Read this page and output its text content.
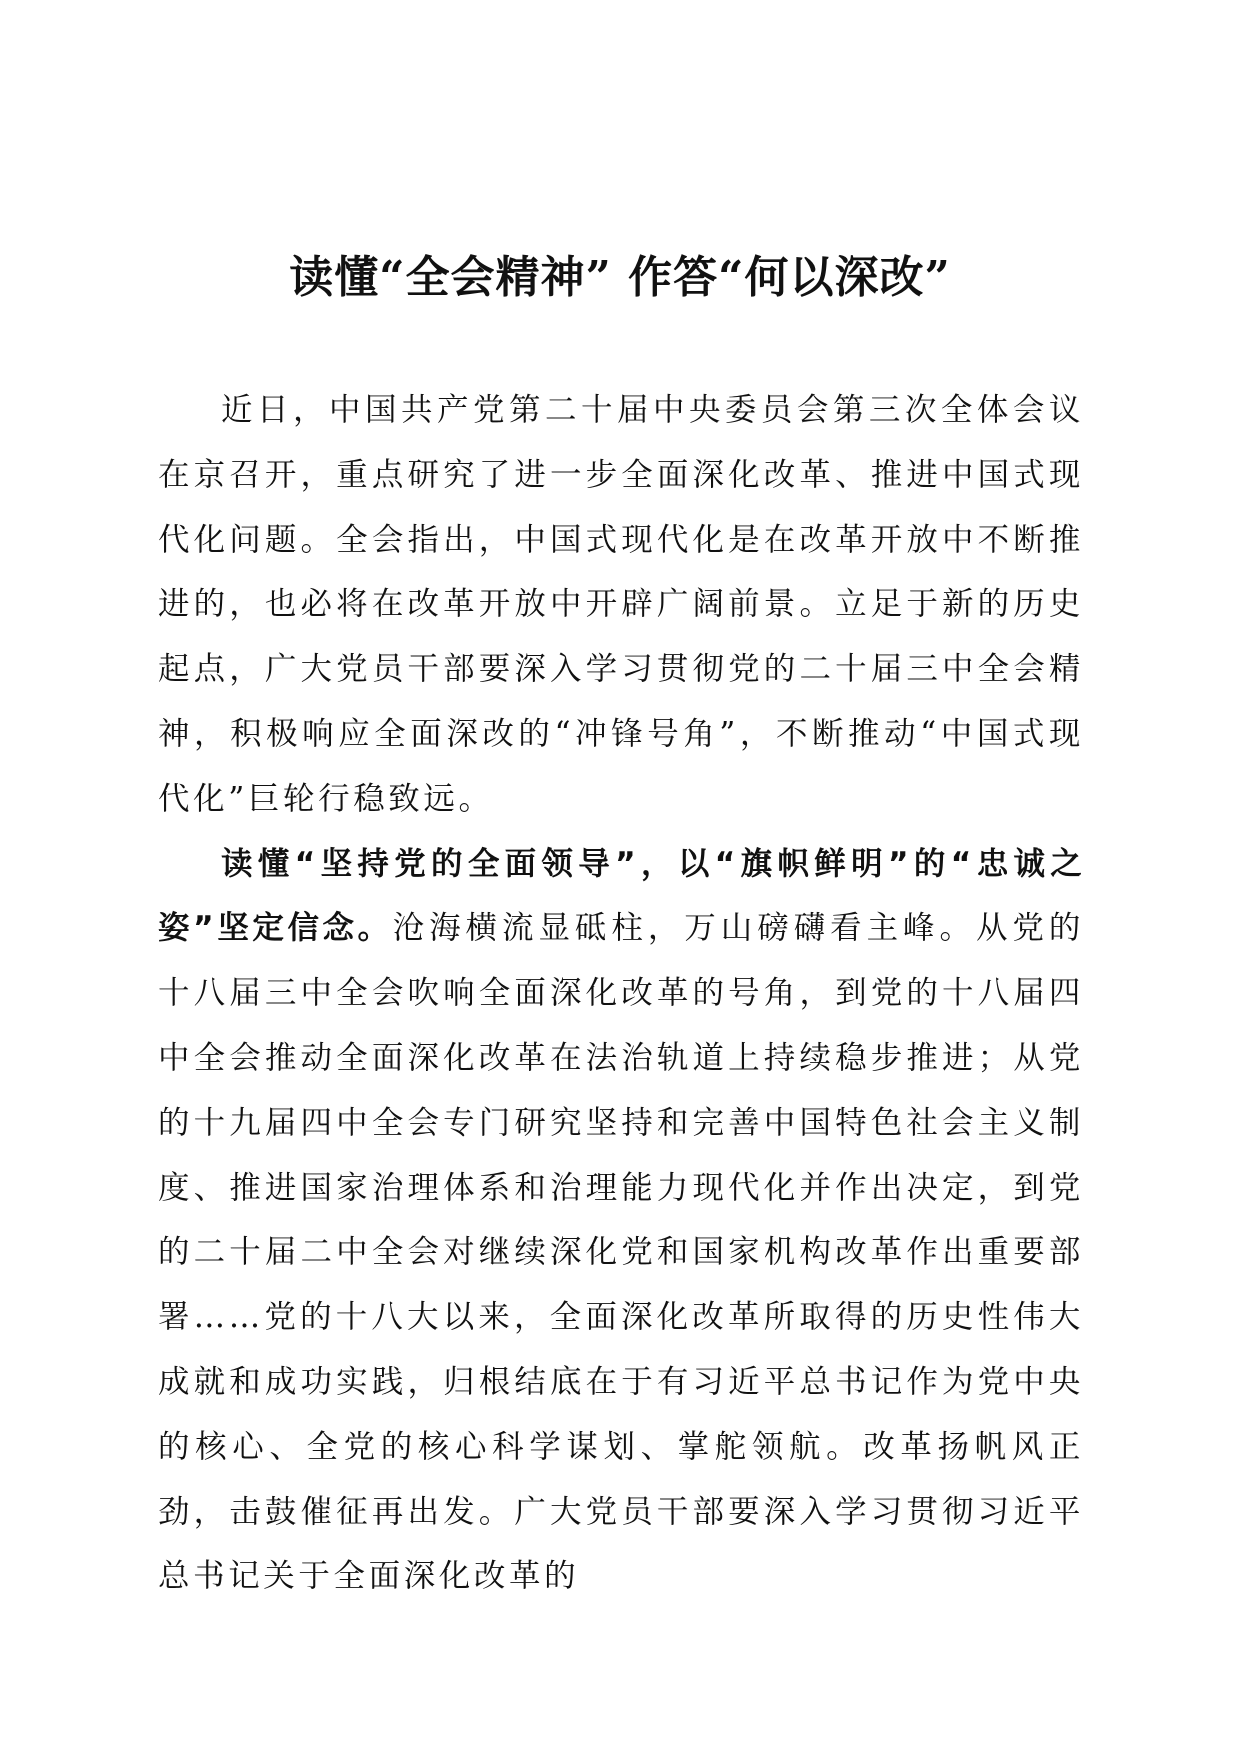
读懂“全会精神” 作答“何以深改”

近日，中国共产党第二十届中央委员会第三次全体会议在京召开，重点研究了进一步全面深化改革、推进中国式现代化问题。全会指出，中国式现代化是在改革开放中不断推进的，也必将在改革开放中开辟广阔前景。立足于新的历史起点，广大党员干部要深入学习贯彻党的二十届三中全会精神，积极响应全面深改的“冲锋号角”，不断推动“中国式现代化”巨轮行稳致远。

读懂“坚持党的全面领导”，以“旗帜鲜明”的“忠诚之姿”坚定信念。沧海横流显砥柱，万山磅礴看主峰。从党的十八届三中全会吹响全面深化改革的号角，到党的十八届四中全会推动全面深化改革在法治轨道上持续稳步推进；从党的十九届四中全会专门研究坚持和完善中国特色社会主义制度、推进国家治理体系和治理能力现代化并作出决定，到党的二十届二中全会对继续深化党和国家机构改革作出重要部署……党的十八大以来，全面深化改革所取得的历史性伟大成就和成功实践，归根结底在于有习近平总书记作为党中央的核心、全党的核心科学谋划、掌舵领航。改革扬帆风正劲，击鼓催征再出发。广大党员干部要深入学习贯彻习近平总书记关于全面深化改革的
